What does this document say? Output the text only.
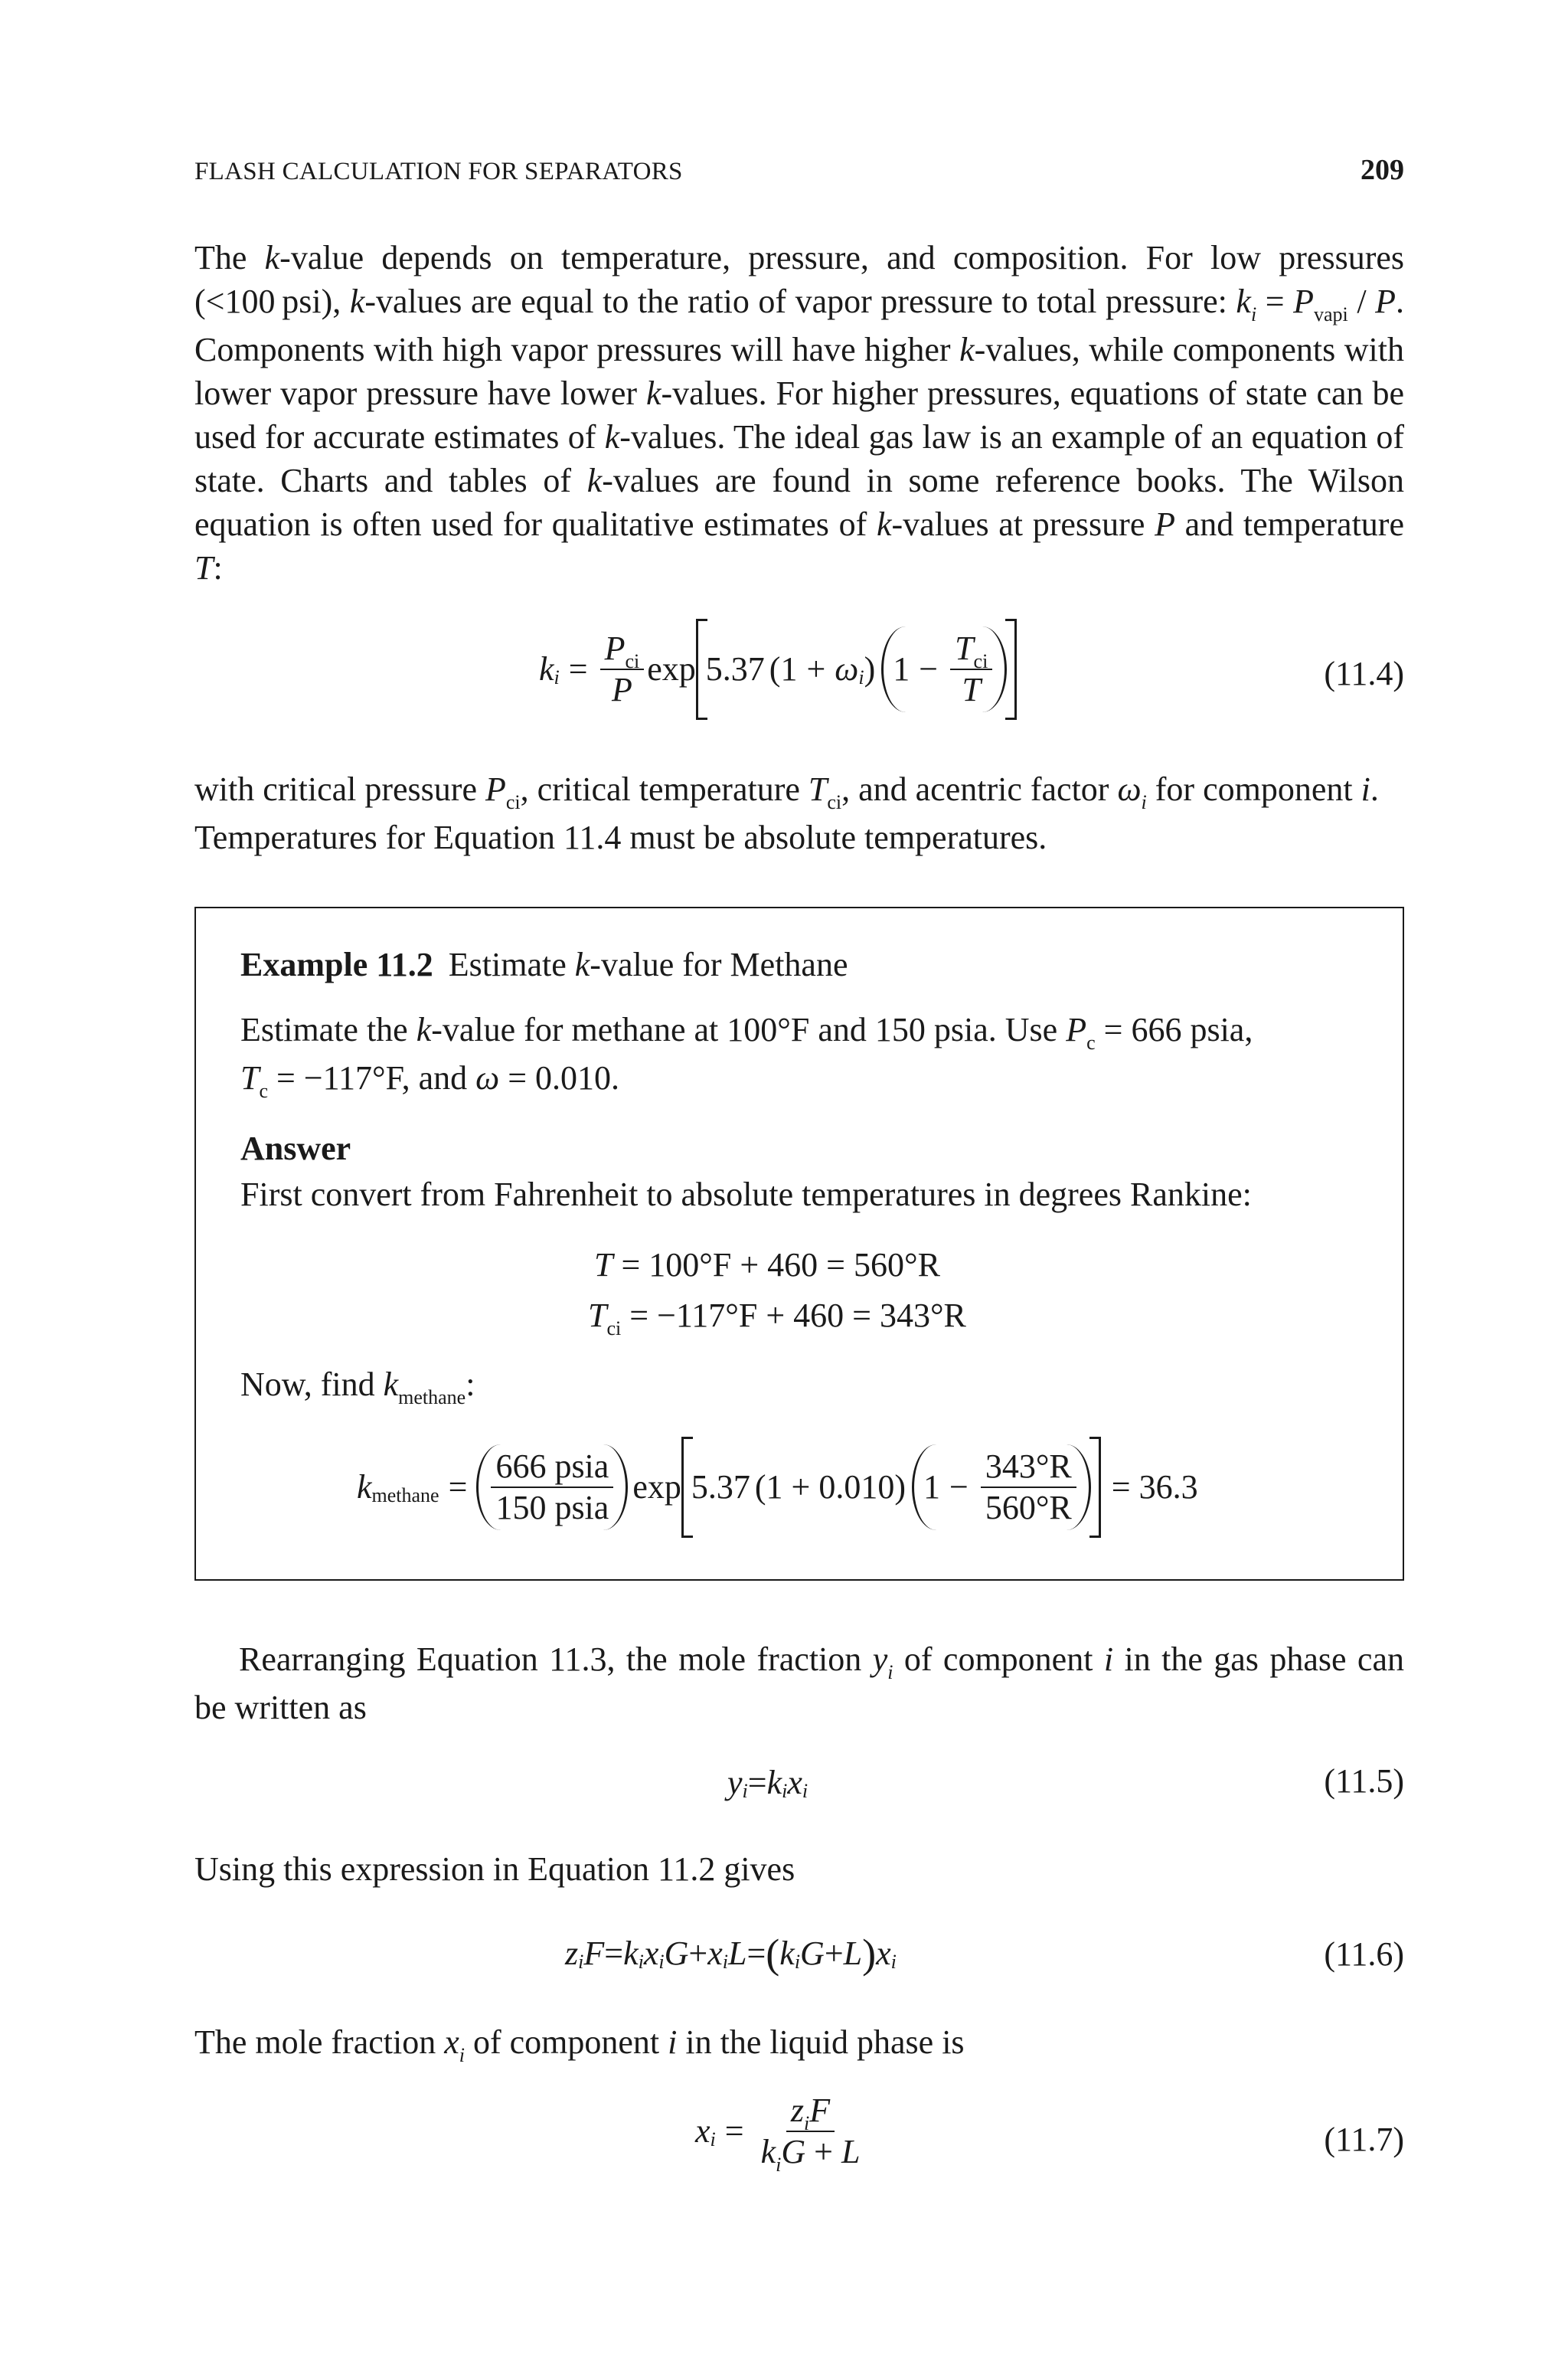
FLASH CALCULATION FOR SEPARATORS	209

The k-value depends on temperature, pressure, and composition. For low pressures (<100 psi), k-values are equal to the ratio of vapor pressure to total pressure: $k_i = P_{vapi} / P$. Components with high vapor pressures will have higher k-values, while components with lower vapor pressure have lower k-values. For higher pressures, equations of state can be used for accurate estimates of k-values. The ideal gas law is an example of an equation of state. Charts and tables of k-values are found in some reference books. The Wilson equation is often used for qualitative estimates of k-values at pressure P and temperature T:

k $i = \frac{P_{ci}}{P}$ exp 5.37 ( 1 + ω i ) $1 - \frac{T_{ci}}{T}$	(11.4)

with critical pressure $P_{ci}$, critical temperature $T_{ci}$, and acentric factor $\omega_i$ for component i.
Temperatures for Equation 11.4 must be absolute temperatures.

Example 11.2 Estimate k-value for Methane

Estimate the k-value for methane at 100°F and 150 psia. Use $P_c = 666$ psia,
$T_c = -117^\circ F$, and ω = 0.010.

Answer
First convert from Fahrenheit to absolute temperatures in degrees Rankine:
T = 100°F + 460 = 560°R
$T_{ci} = -117^\circ F + 460 = 343^\circ R$
Now, find $k_{methane}$:
k methane = $\frac{\text{666 psia}}{\text{150 psia}}$ exp 5.37 ( 1 + 0.010 ) $1 - \frac{343^\circ R}{560^\circ R} = 36.3$

Rearranging Equation 11.3, the mole fraction $y_i$ of component i in the gas phase can be written as

y i = k i x i	(11.5)

Using this expression in Equation 11.2 gives

z i F = k i x i G + x i L = ( k i G + L ) x i	(11.6)

The mole fraction $x_i$ of component i in the liquid phase is

x $i = \frac{z_iF}{k_iG + L}$	(11.7)
